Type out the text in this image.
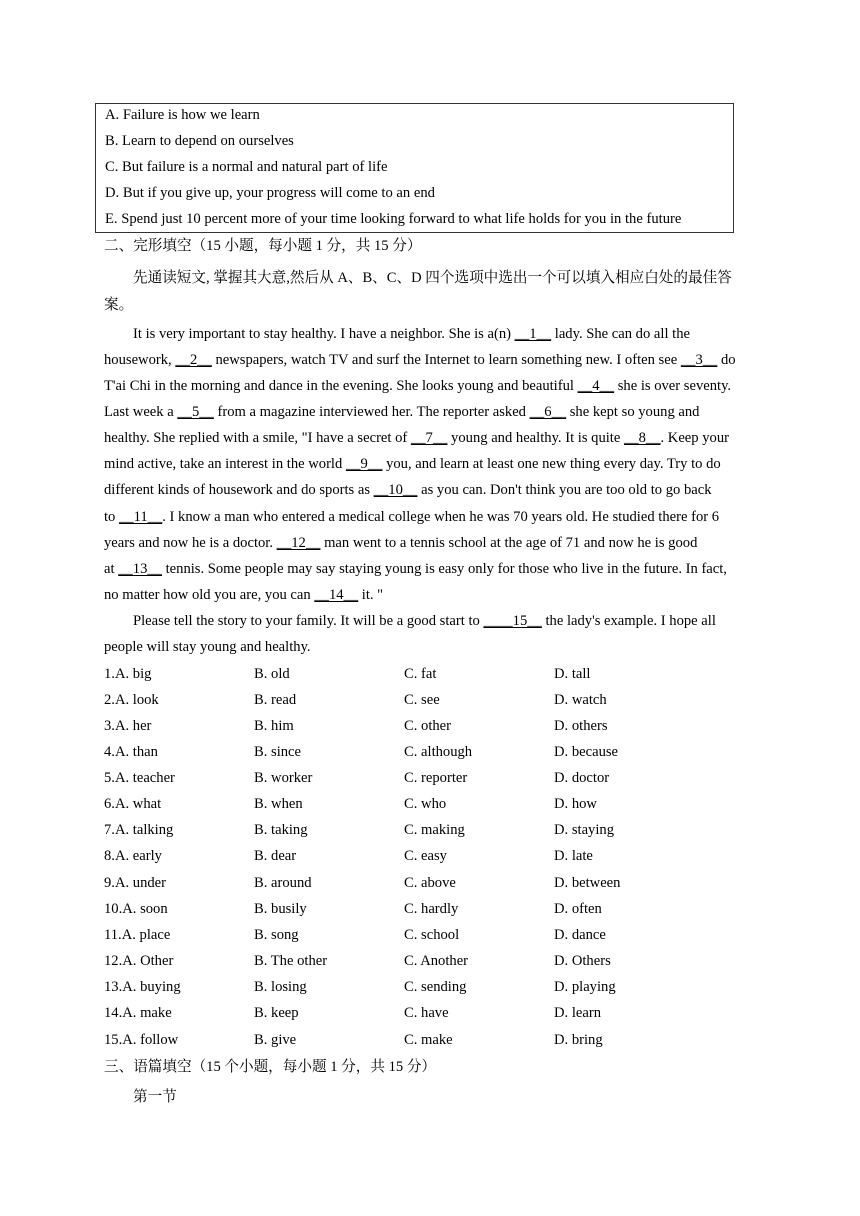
A. Failure is how we learn
B. Learn to depend on ourselves
C. But failure is a normal and natural part of life
D. But if you give up, your progress will come to an end
E. Spend just 10 percent more of your time looking forward to what life holds for you in the future
二、完形填空（15 小题，每小题 1 分，共 15 分）
先通读短文, 掌握其大意,然后从 A、B、C、D 四个选项中选出一个可以填入相应白处的最佳答
案。
It is very important to stay healthy. I have a neighbor. She is a(n) __1__ lady. She can do all the
housework, __2__ newspapers, watch TV and surf the Internet to learn something new. I often see __3__ do
T'ai Chi in the morning and dance in the evening. She looks young and beautiful __4__ she is over seventy.
Last week a __5__ from a magazine interviewed her. The reporter asked __6__ she kept so young and
healthy. She replied with a smile, "I have a secret of __7__ young and healthy. It is quite __8__. Keep your
mind active, take an interest in the world __9__ you, and learn at least one new thing every day. Try to do
different kinds of housework and do sports as __10__ as you can. Don't think you are too old to go back
to __11__. I know a man who entered a medical college when he was 70 years old. He studied there for 6
years and now he is a doctor. __12__ man went to a tennis school at the age of 71 and now he is good
at __13__ tennis. Some people may say staying young is easy only for those who live in the future. In fact,
no matter how old you are, you can __14__ it. "
Please tell the story to your family. It will be a good start to ____15__ the lady's example. I hope all
people will stay young and healthy.
1.A. big	B. old	C. fat	D. tall
2.A. look	B. read	C. see	D. watch
3.A. her	B. him	C. other	D. others
4.A. than	B. since	C. although	D. because
5.A. teacher	B. worker	C. reporter	D. doctor
6.A. what	B. when	C. who	D. how
7.A. talking	B. taking	C. making	D. staying
8.A. early	B. dear	C. easy	D. late
9.A. under	B. around	C. above	D. between
10.A. soon	B. busily	C. hardly	D. often
11.A. place	B. song	C. school	D. dance
12.A. Other	B. The other	C. Another	D. Others
13.A. buying	B. losing	C. sending	D. playing
14.A. make	B. keep	C. have	D. learn
15.A. follow	B. give	C. make	D. bring
三、语篇填空（15 个小题，每小题 1 分，共 15 分）
第一节
